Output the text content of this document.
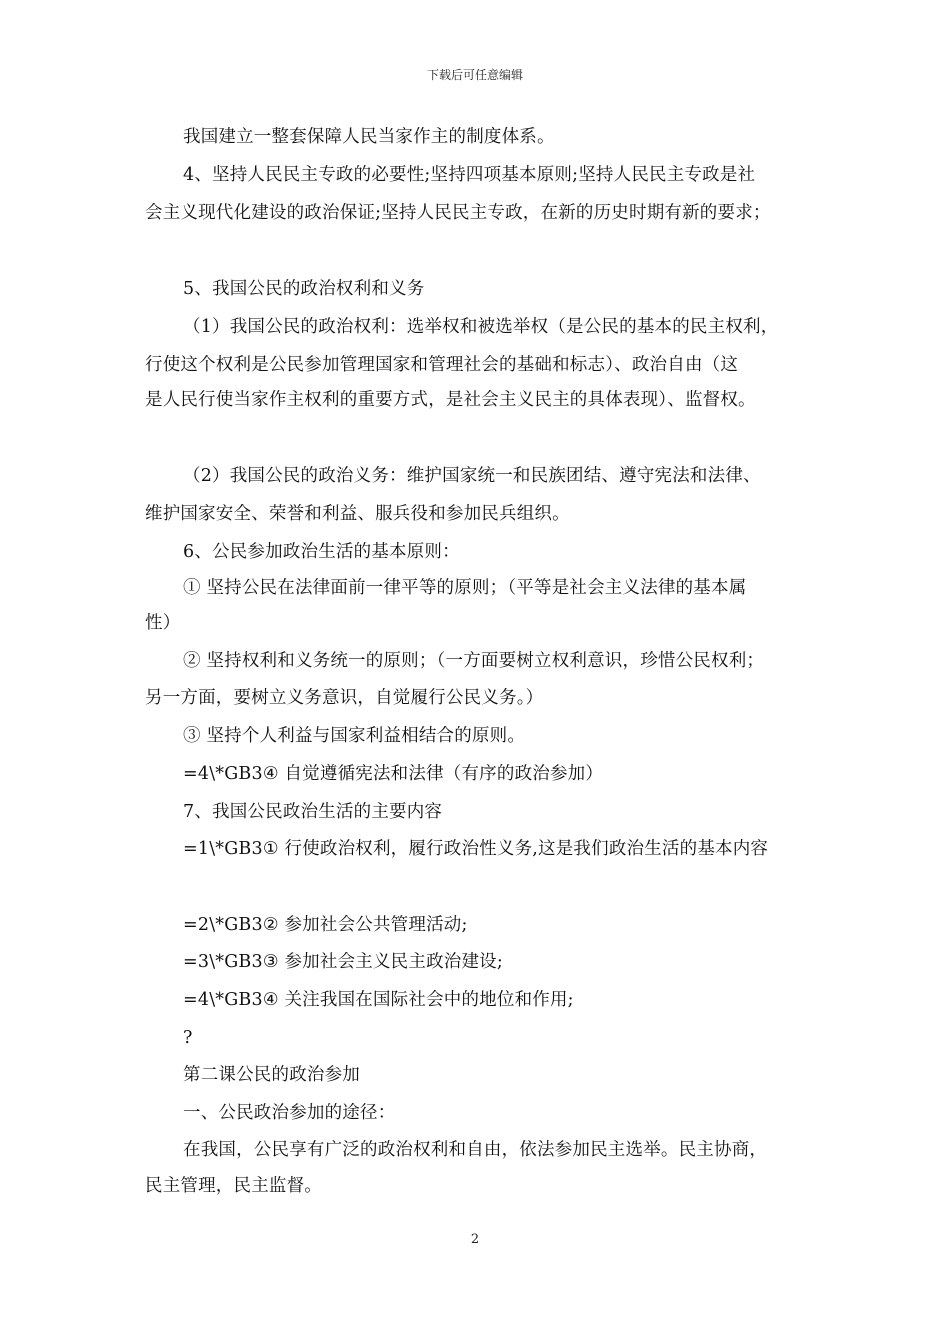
下载后可任意编辑
我国建立一整套保障人民当家作主的制度体系。
4、坚持人民民主专政的必要性;坚持四项基本原则;坚持人民民主专政是社
会主义现代化建设的政治保证;坚持人民民主专政，在新的历史时期有新的要求；
5、我国公民的政治权利和义务
（1）我国公民的政治权利：选举权和被选举权（是公民的基本的民主权利，
行使这个权利是公民参加管理国家和管理社会的基础和标志）、政治自由（这
是人民行使当家作主权利的重要方式，是社会主义民主的具体表现）、监督权。
（2）我国公民的政治义务：维护国家统一和民族团结、遵守宪法和法律、
维护国家安全、荣誉和利益、服兵役和参加民兵组织。
6、公民参加政治生活的基本原则：
① 坚持公民在法律面前一律平等的原则；（平等是社会主义法律的基本属
性）
② 坚持权利和义务统一的原则；（一方面要树立权利意识，珍惜公民权利；
另一方面，要树立义务意识，自觉履行公民义务。）
③ 坚持个人利益与国家利益相结合的原则。
=4\*GB3④ 自觉遵循宪法和法律（有序的政治参加）
7、我国公民政治生活的主要内容
=1\*GB3① 行使政治权利，履行政治性义务,这是我们政治生活的基本内容
=2\*GB3② 参加社会公共管理活动;
=3\*GB3③ 参加社会主义民主政治建设;
=4\*GB3④ 关注我国在国际社会中的地位和作用;
?
第二课公民的政治参加
一、公民政治参加的途径：
在我国，公民享有广泛的政治权利和自由，依法参加民主选举。民主协商，
民主管理，民主监督。
2
